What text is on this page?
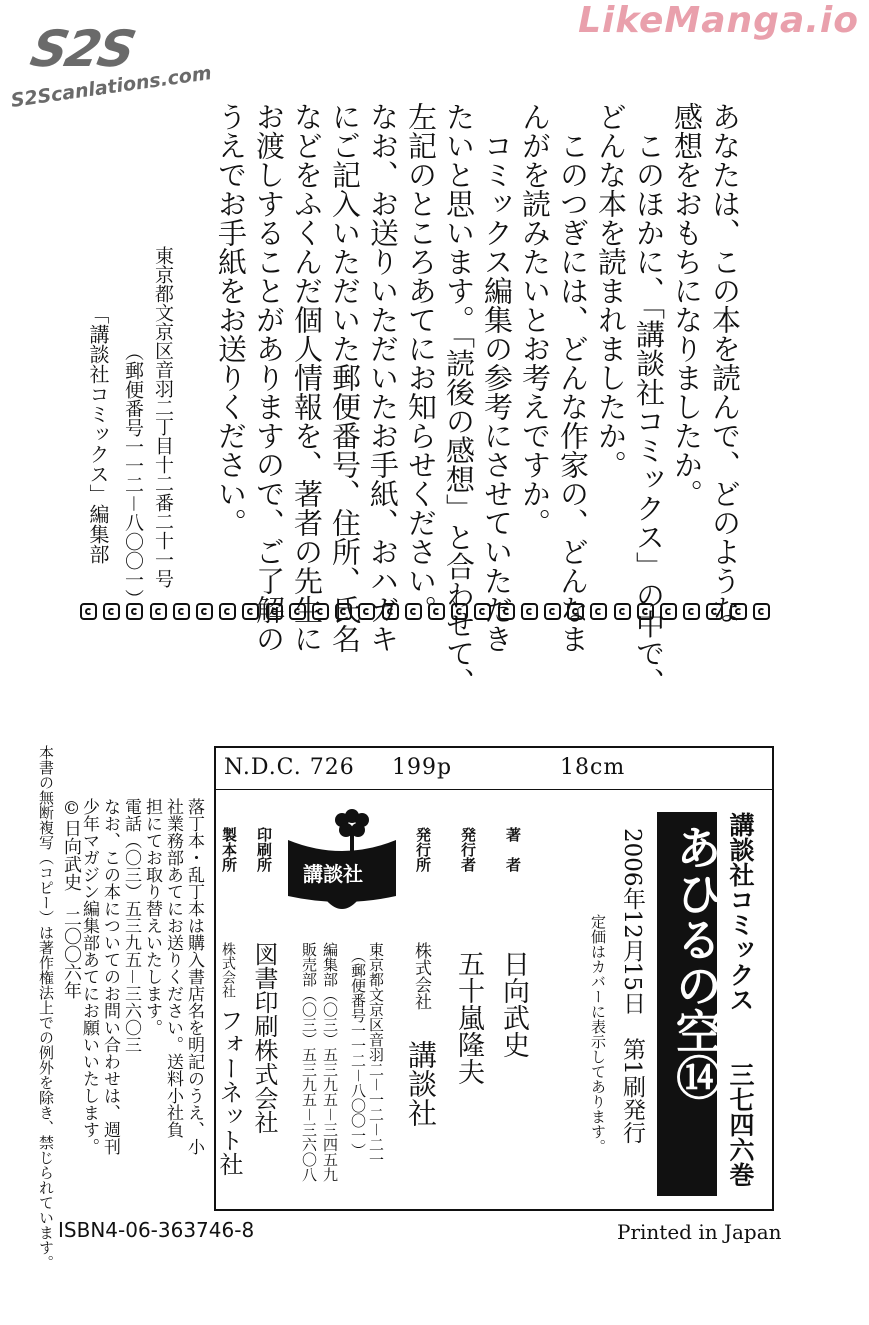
S2S
S2Scanlations.com
LikeManga.io
あなたは、この本を読んで、どのような
感想をおもちになりましたか。
このほかに、「講談社コミックス」の中で、
どんな本を読まれましたか。
このつぎには、どんな作家の、どんなま
んがを読みたいとお考えですか。
コミックス編集の参考にさせていただき
たいと思います。「読後の感想」と合わせて、
左記のところあてにお知らせください。
なお、お送りいただいたお手紙、おハガキ
にご記入いただいた郵便番号、住所、氏名
などをふくんだ個人情報を、著者の先生に
お渡しすることがありますので、ご了解の
うえでお手紙をお送りください。
東京都文京区音羽二丁目十二番二十一号
（郵便番号一一二－八〇〇一）
「講談社コミックス」編集部
本書の無断複写（コピー）は著作権法上での例外を除き、禁じられています。	N.D.C. 726 199p	18cm
講談社コミックス
三七四六巻
あひるの空⑭
2006年12月15日　第1刷発行
定価はカバーに表示してあります。
著　者
日向武史
発行者
五十嵐隆夫
発行所
株式会社
講談社
東京都文京区音羽二－一二－二一
（郵便番号一一二－八〇〇一）
編集部（〇三）五三九五－三四五九
販売部（〇三）五三九五－三六〇八
講談社
印刷所
図書印刷株式会社
製本所
株式会社
フォーネット社
落丁本・乱丁本は購入書店名を明記のうえ、小
社業務部あてにお送りください。送料小社負
担にてお取り替えいたします。
電話（〇三）五三九五－三六〇三
なお、この本についてのお問い合わせは、週刊
少年マガジン編集部あてにお願いいたします。
©日向武史　二〇〇六年
ISBN4-06-363746-8	Printed in Japan
